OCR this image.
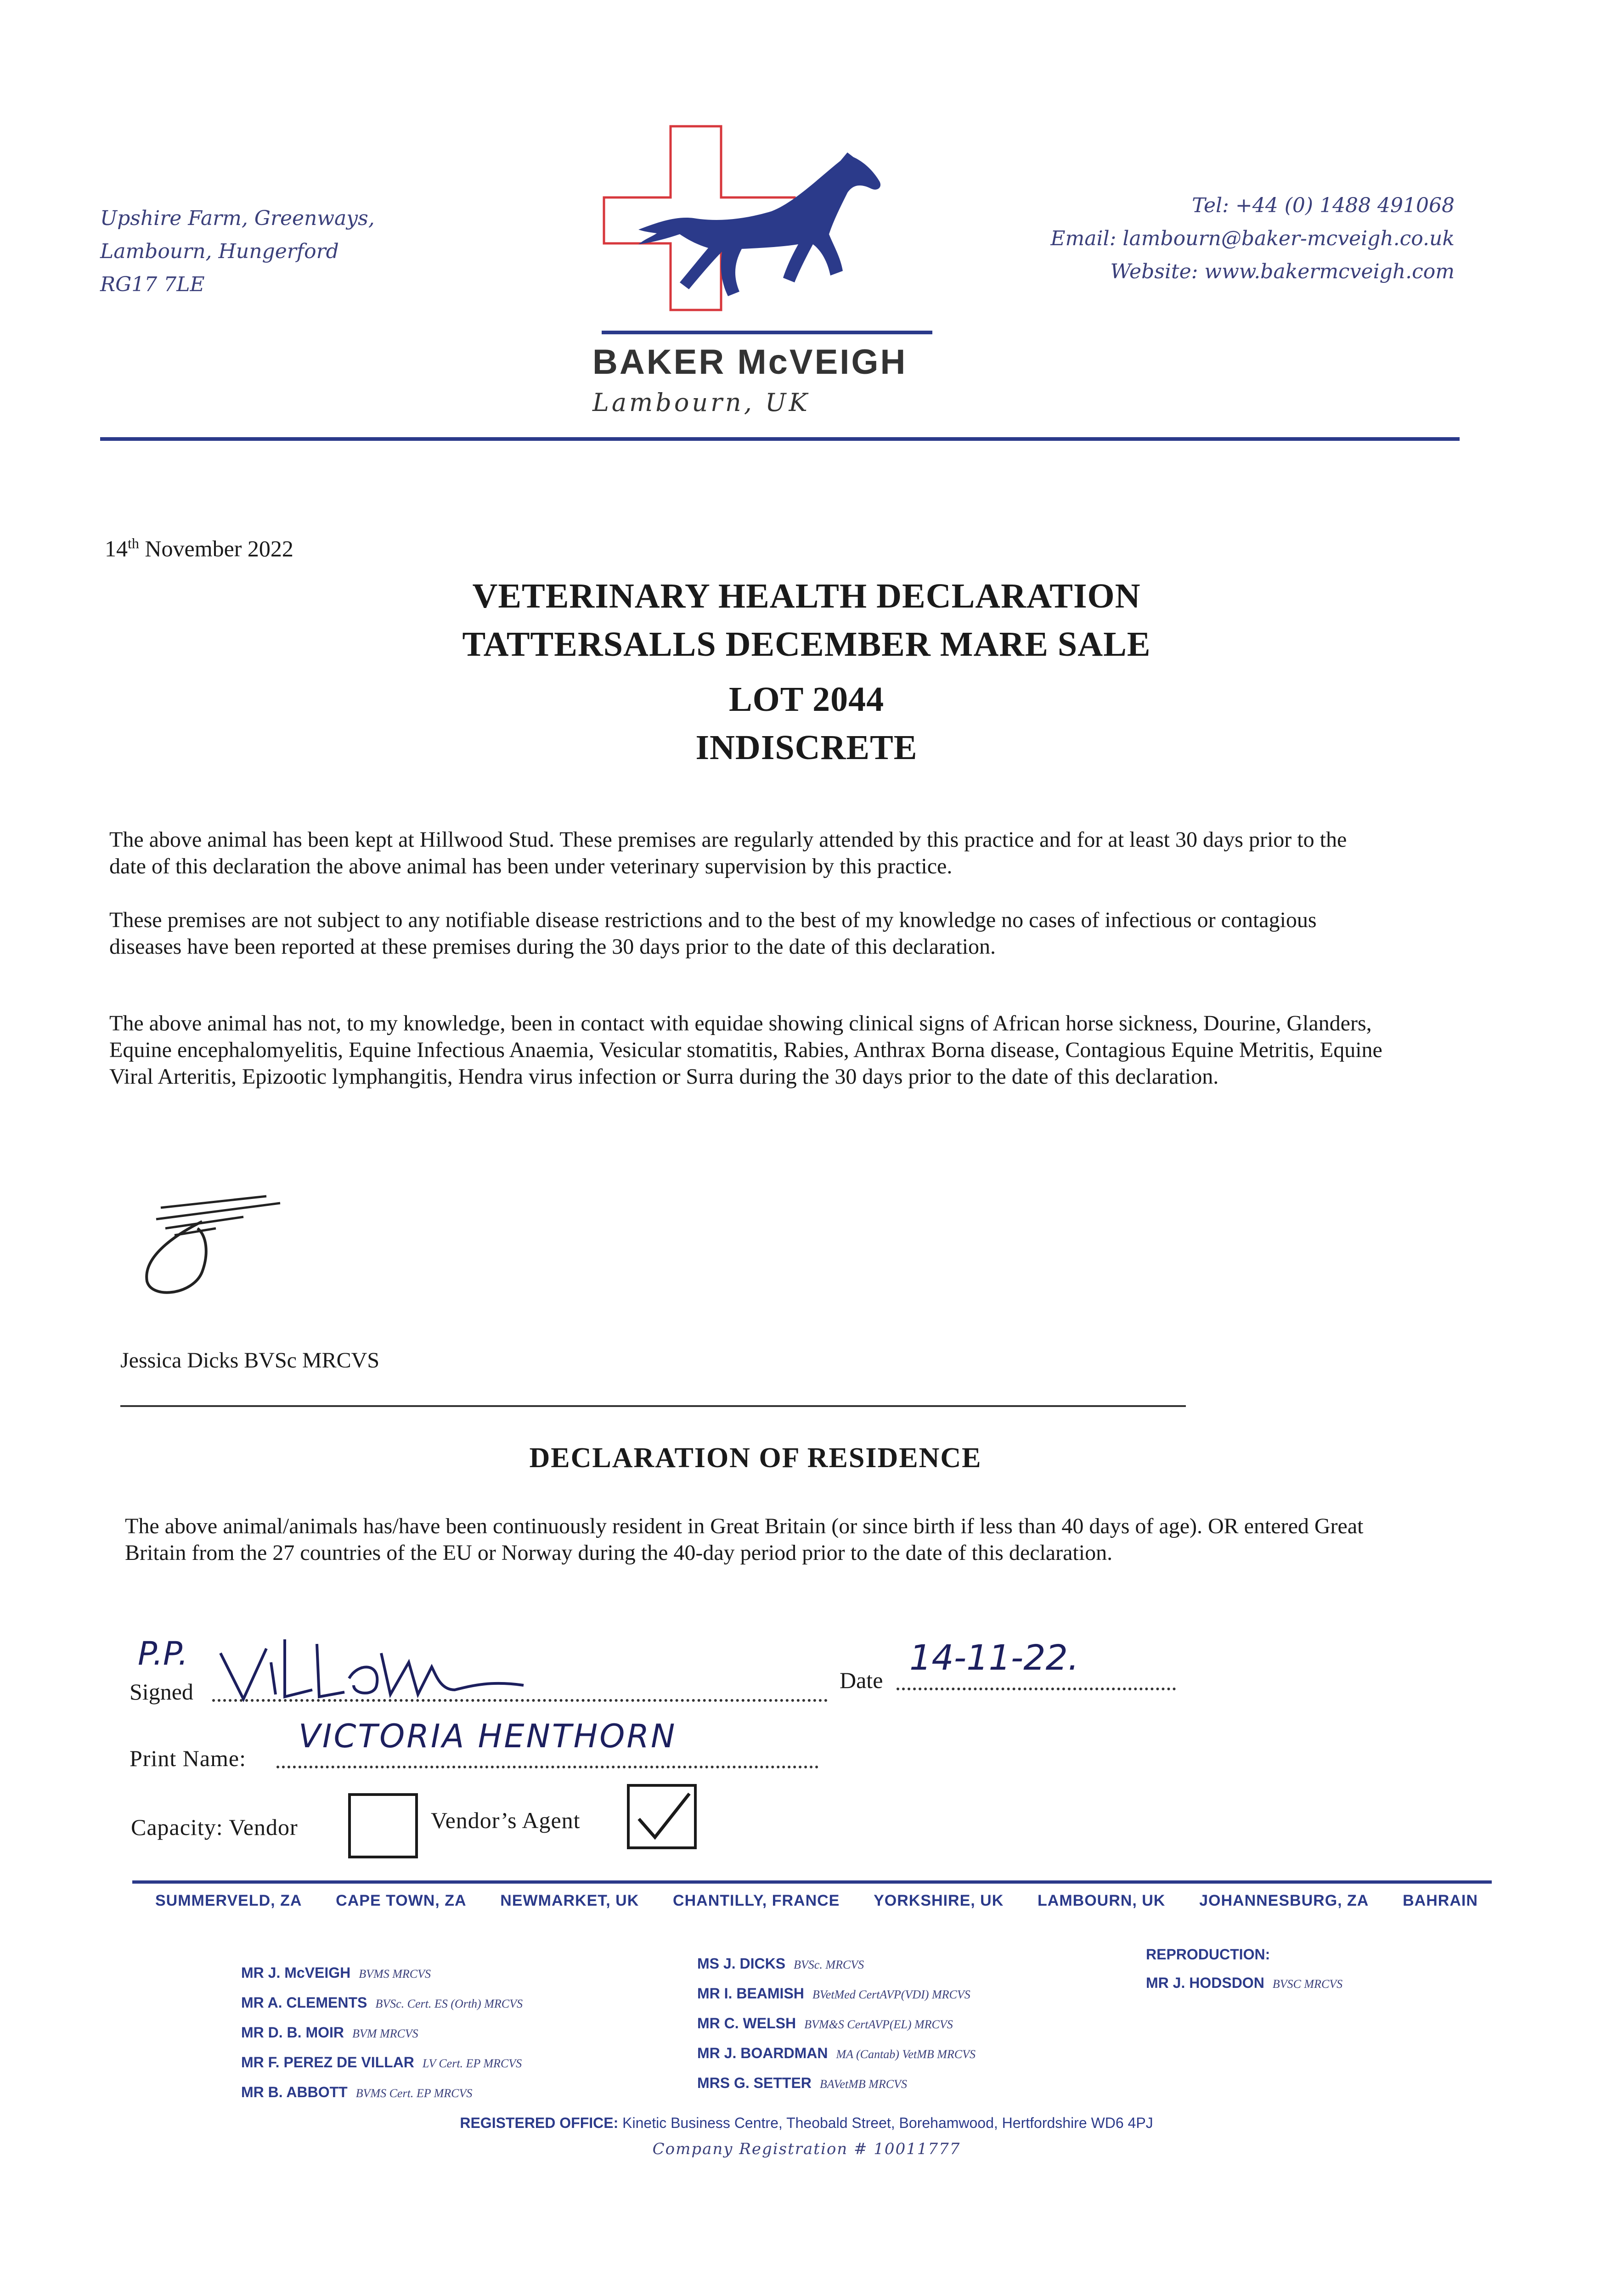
Upshire Farm, Greenways,
Lambourn, Hungerford
RG17 7LE
Tel: +44 (0) 1488 491068
Email: lambourn@baker-mcveigh.co.uk
Website: www.bakermcveigh.com
BAKER McVEIGH
Lambourn, UK
14th November 2022
VETERINARY HEALTH DECLARATION
TATTERSALLS DECEMBER MARE SALE
LOT 2044
INDISCRETE
The above animal has been kept at Hillwood Stud. These premises are regularly attended by this practice and for at least 30 days prior to the date of this declaration the above animal has been under veterinary supervision by this practice.
These premises are not subject to any notifiable disease restrictions and to the best of my knowledge no cases of infectious or contagious diseases have been reported at these premises during the 30 days prior to the date of this declaration.
The above animal has not, to my knowledge, been in contact with equidae showing clinical signs of African horse sickness, Dourine, Glanders, Equine encephalomyelitis, Equine Infectious Anaemia, Vesicular stomatitis, Rabies, Anthrax Borna disease, Contagious Equine Metritis, Equine Viral Arteritis, Epizootic lymphangitis, Hendra virus infection or Surra during the 30 days prior to the date of this declaration.
Jessica Dicks BVSc MRCVS
DECLARATION OF RESIDENCE
The above animal/animals has/have been continuously resident in Great Britain (or since birth if less than 40 days of age). OR entered Great Britain from the 27 countries of the EU or Norway during the 40-day period prior to the date of this declaration.
P.P.
Signed	Date
14-11-22.
Print Name:
VICTORIA HENTHORN
Capacity: Vendor	Vendor’s Agent
SUMMERVELD, ZA CAPE TOWN, ZA NEWMARKET, UK CHANTILLY, FRANCE YORKSHIRE, UK LAMBOURN, UK JOHANNESBURG, ZA BAHRAIN
MR J. McVEIGH BVMS MRCVS
MR A. CLEMENTS BVSc. Cert. ES (Orth) MRCVS
MR D. B. MOIR BVM MRCVS
MR F. PEREZ DE VILLAR LV Cert. EP MRCVS
MR B. ABBOTT BVMS Cert. EP MRCVS
MS J. DICKS BVSc. MRCVS
MR I. BEAMISH BVetMed CertAVP(VDI) MRCVS
MR C. WELSH BVM&S CertAVP(EL) MRCVS
MR J. BOARDMAN MA (Cantab) VetMB MRCVS
MRS G. SETTER BAVetMB MRCVS
REPRODUCTION:
MR J. HODSDON BVSC MRCVS
REGISTERED OFFICE: Kinetic Business Centre, Theobald Street, Borehamwood, Hertfordshire WD6 4PJ
Company Registration # 10011777
